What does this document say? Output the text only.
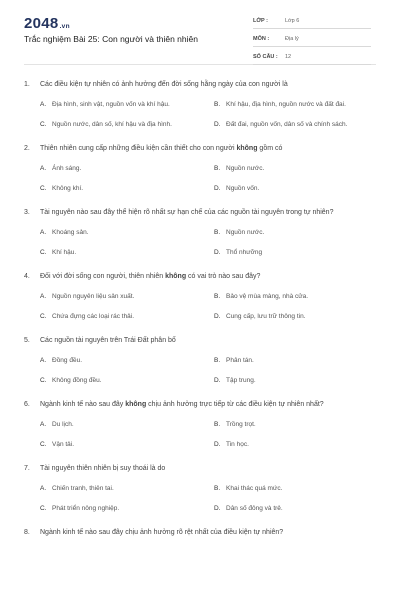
2048.vn
Trắc nghiệm Bài 25: Con người và thiên nhiên
LỚP :	Lớp 6
MÔN :	Địa lý
SỐ CÂU :	12
1.	Các điều kiện tự nhiên có ảnh hưởng đến đời sống hằng ngày của con người là
A. Địa hình, sinh vật, nguồn vốn và khí hậu.	B. Khí hậu, địa hình, nguồn nước và đất đai.
C. Nguồn nước, dân số, khí hậu và địa hình.	D. Đất đai, nguồn vốn, dân số và chính sách.
2.	Thiên nhiên cung cấp những điều kiện cần thiết cho con người không gồm có
A. Ánh sáng.	B. Nguồn nước.
C. Không khí.	D. Nguồn vốn.
3.	Tài nguyên nào sau đây thể hiện rõ nhất sự hạn chế của các nguồn tài nguyên trong tự nhiên?
A. Khoáng sản.	B. Nguồn nước.
C. Khí hậu.	D. Thổ nhưỡng
4.	Đối với đời sống con người, thiên nhiên không có vai trò nào sau đây?
A. Nguồn nguyên liệu sản xuất.	B. Bảo vệ mùa màng, nhà cửa.
C. Chứa đựng các loại rác thải.	D. Cung cấp, lưu trữ thông tin.
5.	Các nguồn tài nguyên trên Trái Đất phân bố
A. Đồng đều.	B. Phân tán.
C. Không đồng đều.	D. Tập trung.
6.	Ngành kinh tế nào sau đây không chịu ảnh hưởng trực tiếp từ các điều kiện tự nhiên nhất?
A. Du lịch.	B. Trồng trọt.
C. Vận tải.	D. Tin học.
7.	Tài nguyên thiên nhiên bị suy thoái là do
A. Chiến tranh, thiên tai.	B. Khai thác quá mức.
C. Phát triển nông nghiệp.	D. Dân số đông và trẻ.
8.	Ngành kinh tế nào sau đây chịu ảnh hưởng rõ rệt nhất của điều kiện tự nhiên?
